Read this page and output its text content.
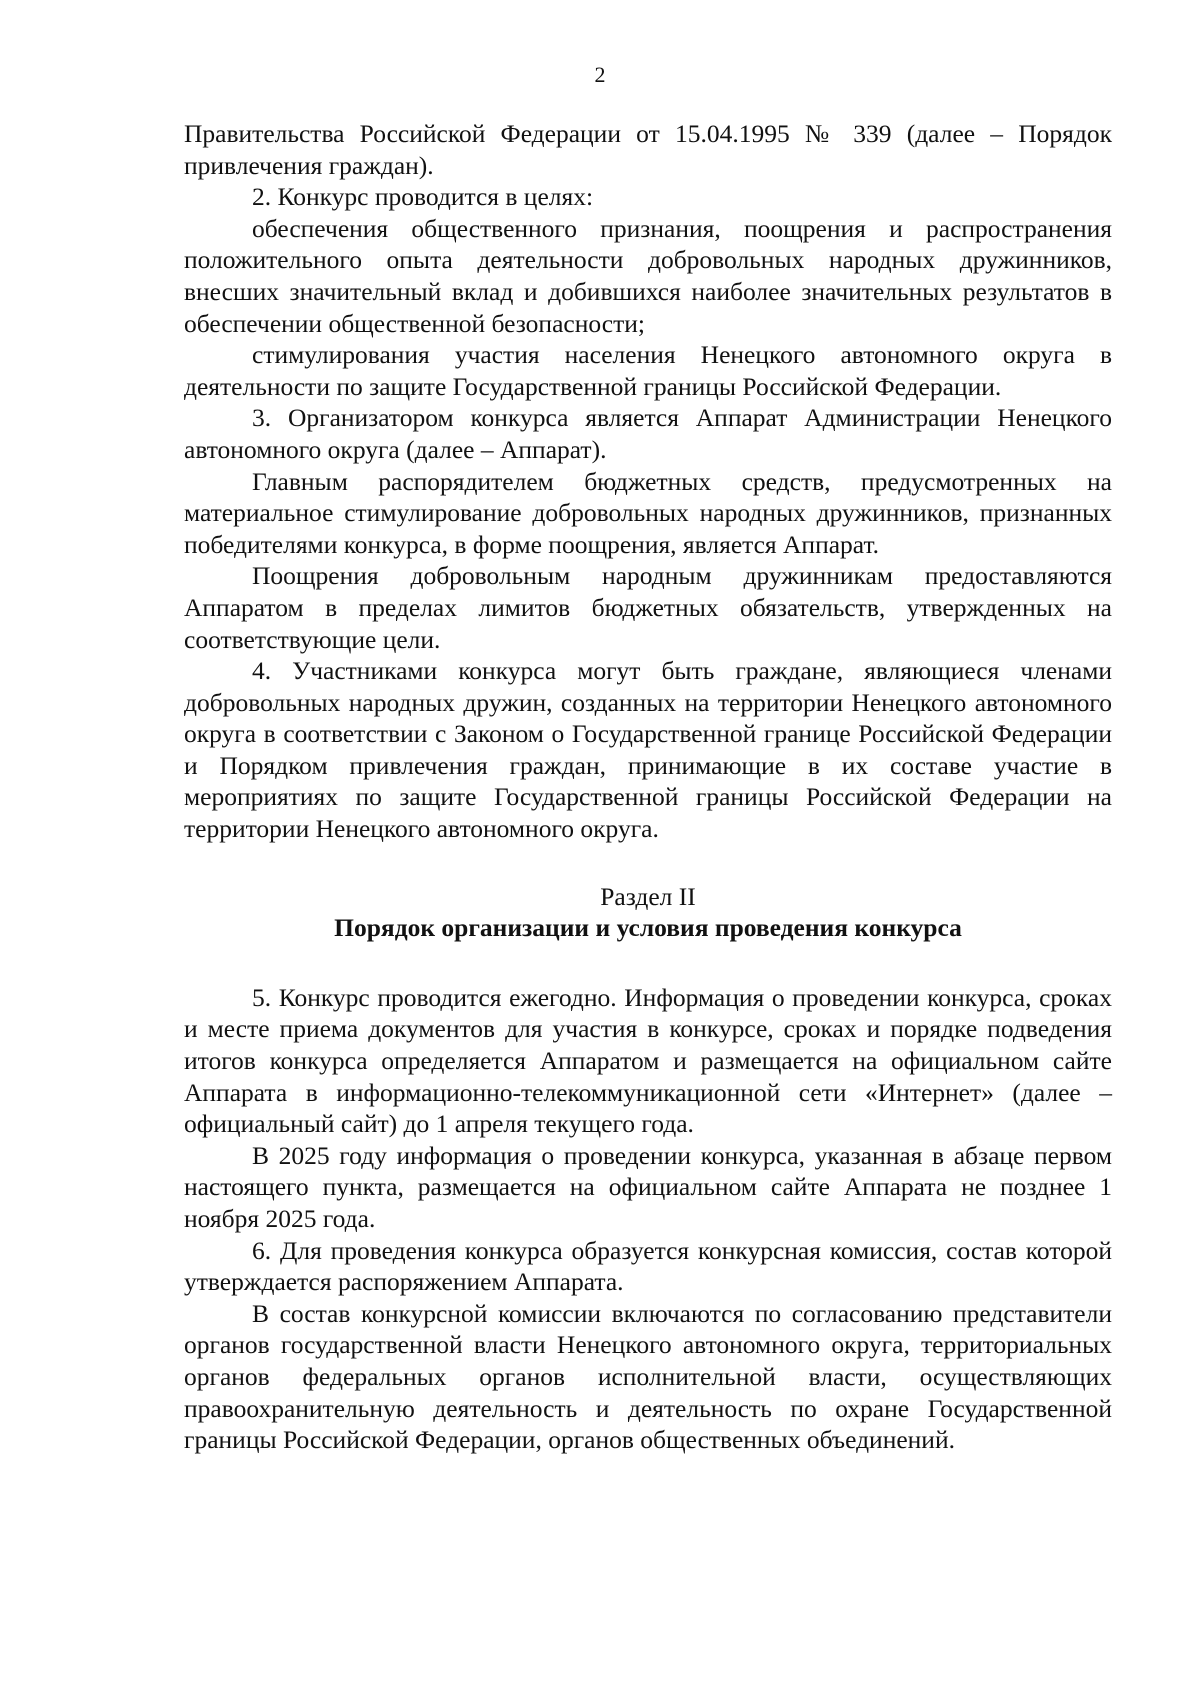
2

Правительства Российской Федерации от 15.04.1995 № 339 (далее – Порядок привлечения граждан).

2. Конкурс проводится в целях:

обеспечения общественного признания, поощрения и распространения положительного опыта деятельности добровольных народных дружинников, внесших значительный вклад и добившихся наиболее значительных результатов в обеспечении общественной безопасности;

стимулирования участия населения Ненецкого автономного округа в деятельности по защите Государственной границы Российской Федерации.

3. Организатором конкурса является Аппарат Администрации Ненецкого автономного округа (далее – Аппарат).

Главным распорядителем бюджетных средств, предусмотренных на материальное стимулирование добровольных народных дружинников, признанных победителями конкурса, в форме поощрения, является Аппарат.

Поощрения добровольным народным дружинникам предоставляются Аппаратом в пределах лимитов бюджетных обязательств, утвержденных на соответствующие цели.

4. Участниками конкурса могут быть граждане, являющиеся членами добровольных народных дружин, созданных на территории Ненецкого автономного округа в соответствии с Законом о Государственной границе Российской Федерации и Порядком привлечения граждан, принимающие в их составе участие в мероприятиях по защите Государственной границы Российской Федерации на территории Ненецкого автономного округа.

Раздел II
Порядок организации и условия проведения конкурса

5. Конкурс проводится ежегодно. Информация о проведении конкурса, сроках и месте приема документов для участия в конкурсе, сроках и порядке подведения итогов конкурса определяется Аппаратом и размещается на официальном сайте Аппарата в информационно-телекоммуникационной сети «Интернет» (далее – официальный сайт) до 1 апреля текущего года.

В 2025 году информация о проведении конкурса, указанная в абзаце первом настоящего пункта, размещается на официальном сайте Аппарата не позднее 1 ноября 2025 года.

6. Для проведения конкурса образуется конкурсная комиссия, состав которой утверждается распоряжением Аппарата.

В состав конкурсной комиссии включаются по согласованию представители органов государственной власти Ненецкого автономного округа, территориальных органов федеральных органов исполнительной власти, осуществляющих правоохранительную деятельность и деятельность по охране Государственной границы Российской Федерации, органов общественных объединений.
